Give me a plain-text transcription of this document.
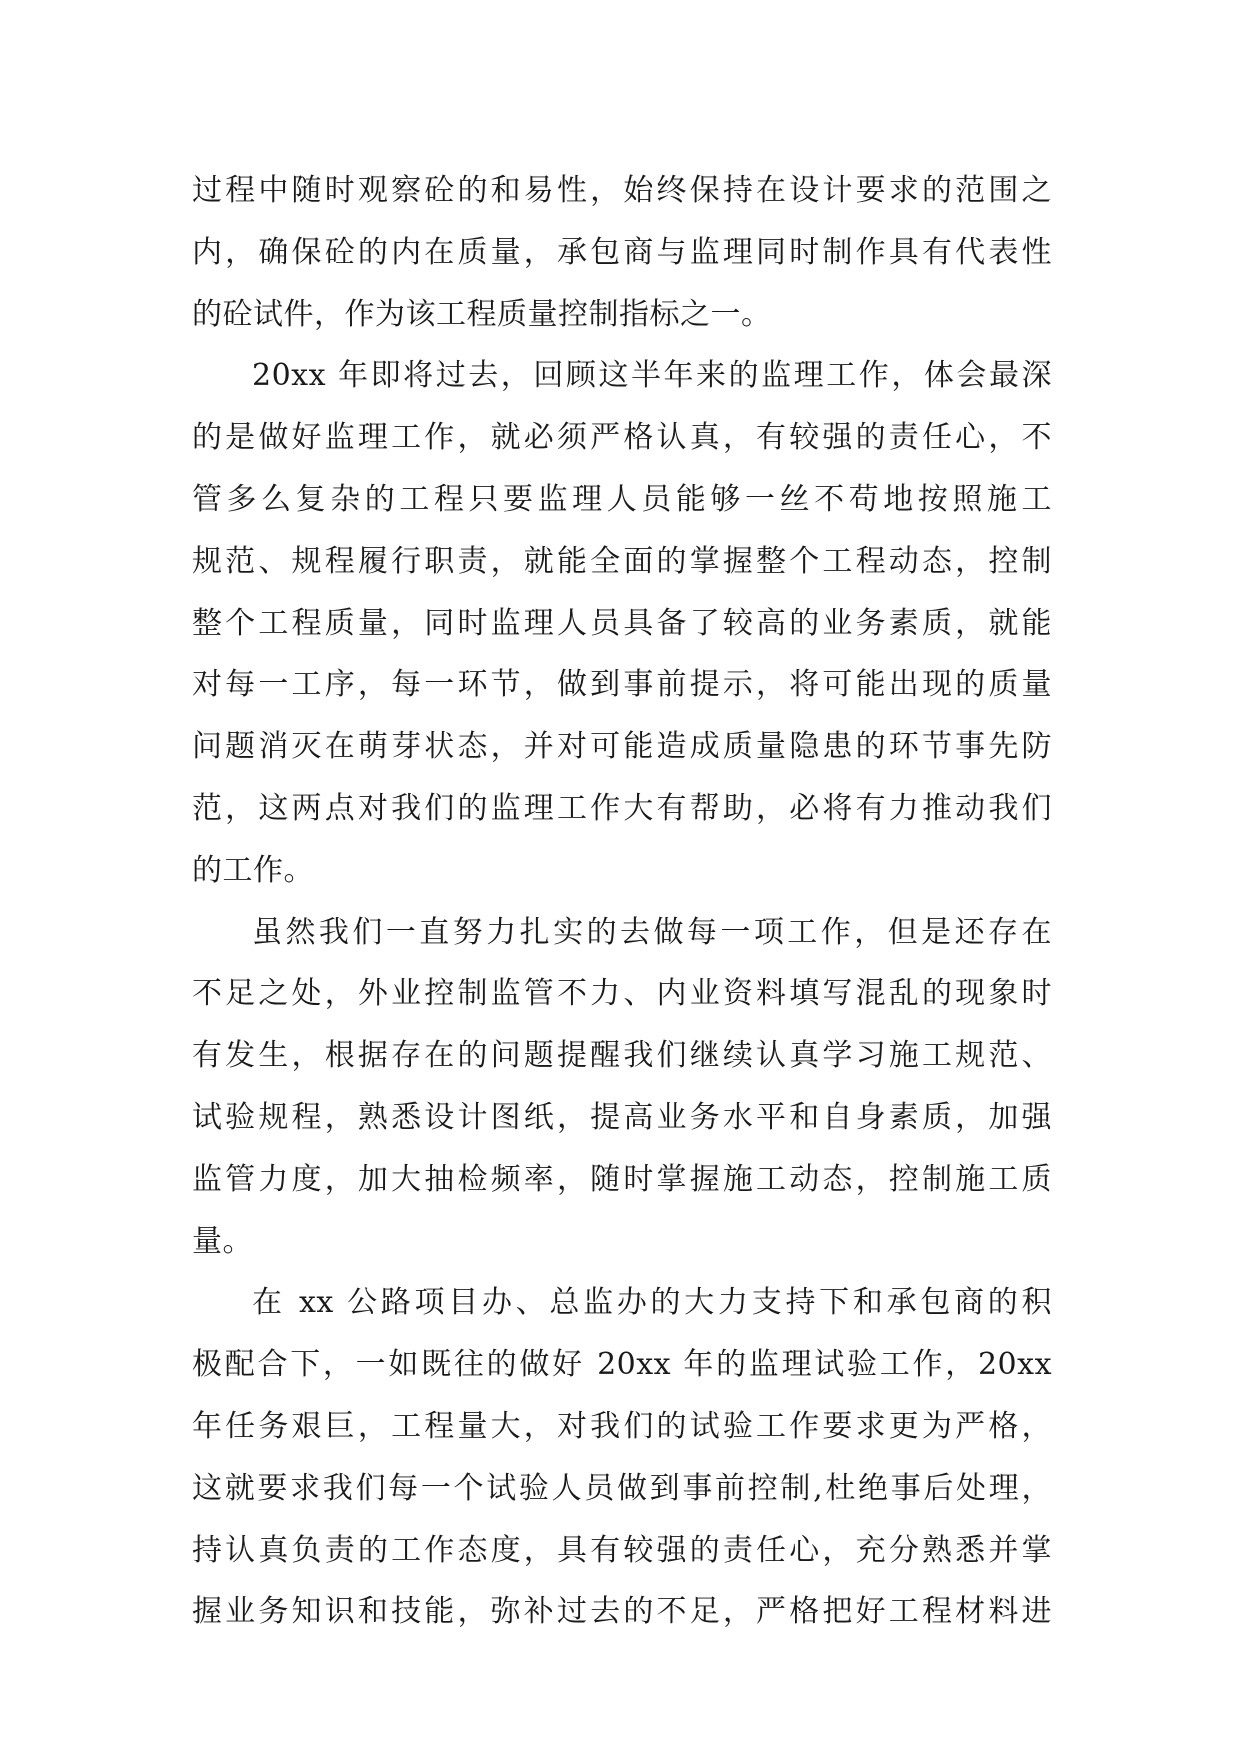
过程中随时观察砼的和易性，始终保持在设计要求的范围之
内，确保砼的内在质量，承包商与监理同时制作具有代表性
的砼试件，作为该工程质量控制指标之一。
20xx 年即将过去，回顾这半年来的监理工作，体会最深
的是做好监理工作，就必须严格认真，有较强的责任心，不
管多么复杂的工程只要监理人员能够一丝不苟地按照施工
规范、规程履行职责，就能全面的掌握整个工程动态，控制
整个工程质量，同时监理人员具备了较高的业务素质，就能
对每一工序，每一环节，做到事前提示，将可能出现的质量
问题消灭在萌芽状态，并对可能造成质量隐患的环节事先防
范，这两点对我们的监理工作大有帮助，必将有力推动我们
的工作。
虽然我们一直努力扎实的去做每一项工作，但是还存在
不足之处，外业控制监管不力、内业资料填写混乱的现象时
有发生，根据存在的问题提醒我们继续认真学习施工规范、
试验规程，熟悉设计图纸，提高业务水平和自身素质，加强
监管力度，加大抽检频率，随时掌握施工动态，控制施工质
量。
在 xx 公路项目办、总监办的大力支持下和承包商的积
极配合下，一如既往的做好 20xx 年的监理试验工作，20xx
年任务艰巨，工程量大，对我们的试验工作要求更为严格，
这就要求我们每一个试验人员做到事前控制,杜绝事后处理，
持认真负责的工作态度，具有较强的责任心，充分熟悉并掌
握业务知识和技能，弥补过去的不足，严格把好工程材料进
